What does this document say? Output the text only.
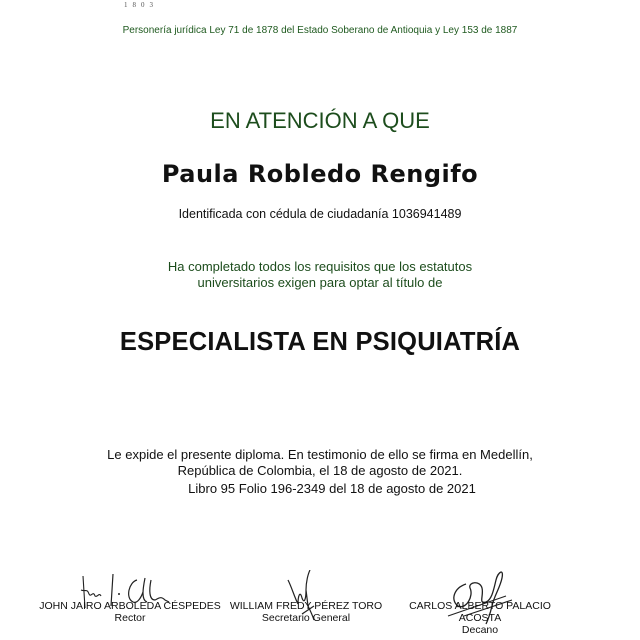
1803
Personería jurídica Ley 71 de 1878 del Estado Soberano de Antioquia y Ley 153 de 1887
EN ATENCIÓN A QUE
Paula Robledo Rengifo
Identificada con cédula de ciudadanía 1036941489
Ha completado todos los requisitos que los estatutos
universitarios exigen para optar al título de
ESPECIALISTA EN PSIQUIATRÍA
Le expide el presente diploma. En testimonio de ello se firma en Medellín,
República de Colombia, el 18 de agosto de 2021.
Libro 95 Folio 196-2349 del 18 de agosto de 2021
JOHN JAIRO ARBOLEDA CÉSPEDES
Rector
WILLIAM FREDY PÉREZ TORO
Secretario General
CARLOS ALBERTO PALACIO
ACOSTA
Decano
